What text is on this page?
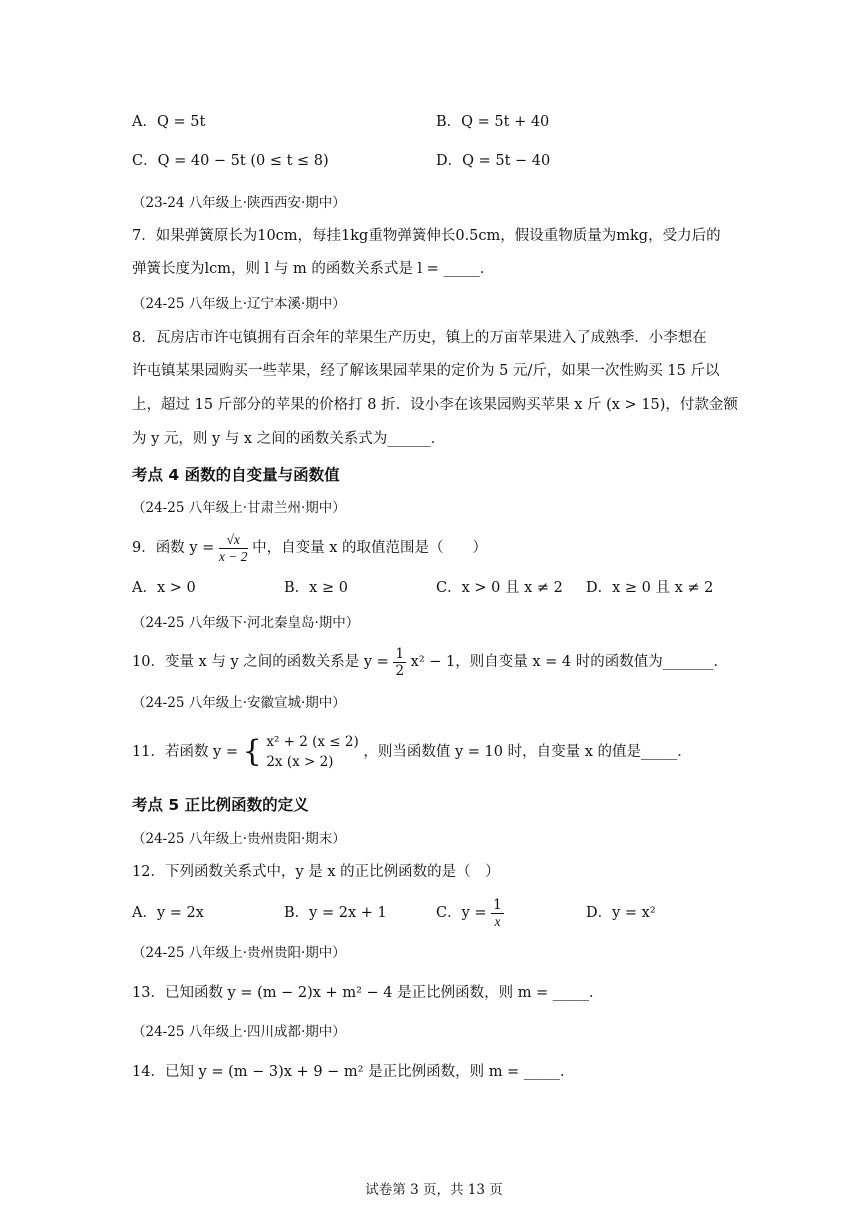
A．Q = 5t	B．Q = 5t + 40
C．Q = 40 − 5t (0 ≤ t ≤ 8)	D．Q = 5t − 40
（23-24 八年级上·陕西西安·期中）
7．如果弹簧原长为10cm，每挂1kg重物弹簧伸长0.5cm，假设重物质量为mkg，受力后的
弹簧长度为lcm，则 l 与 m 的函数关系式是 l = _____．
（24-25 八年级上·辽宁本溪·期中）
8．瓦房店市许屯镇拥有百余年的苹果生产历史，镇上的万亩苹果进入了成熟季．小李想在
许屯镇某果园购买一些苹果，经了解该果园苹果的定价为 5 元/斤，如果一次性购买 15 斤以
上，超过 15 斤部分的苹果的价格打 8 折．设小李在该果园购买苹果 x 斤 (x > 15)，付款金额
为 y 元，则 y 与 x 之间的函数关系式为______．
考点 4 函数的自变量与函数值
（24-25 八年级上·甘肃兰州·期中）
9．函数 $y = \frac{√x}{x - 2}$ 中，自变量 x 的取值范围是（　　）
A．x > 0	B．x ≥ 0	C．x > 0 且 x ≠ 2 D．x ≥ 0 且 x ≠ 2
（24-25 八年级下·河北秦皇岛·期中）
10．变量 x 与 y 之间的函数关系是 $y = \frac{1}{2} x^2 - 1$，则自变量 x = 4 时的函数值为_______．
（24-25 八年级上·安徽宣城·期中）
11．若函数 y = { x² + 2 (x ≤ 2)
2x (x > 2)
，则当函数值 y = 10 时，自变量 x 的值是_____．
考点 5 正比例函数的定义
（24-25 八年级上·贵州贵阳·期末）
12．下列函数关系式中，y 是 x 的正比例函数的是（　）
A．y = 2x	B．y = 2x + 1	C．$y = \frac{1}{x}$	D．y = x²
（24-25 八年级上·贵州贵阳·期中）
13．已知函数 y = (m − 2)x + m² − 4 是正比例函数，则 m = _____．
（24-25 八年级上·四川成都·期中）
14．已知 y = (m − 3)x + 9 − m² 是正比例函数，则 m = _____．
试卷第 3 页，共 13 页
